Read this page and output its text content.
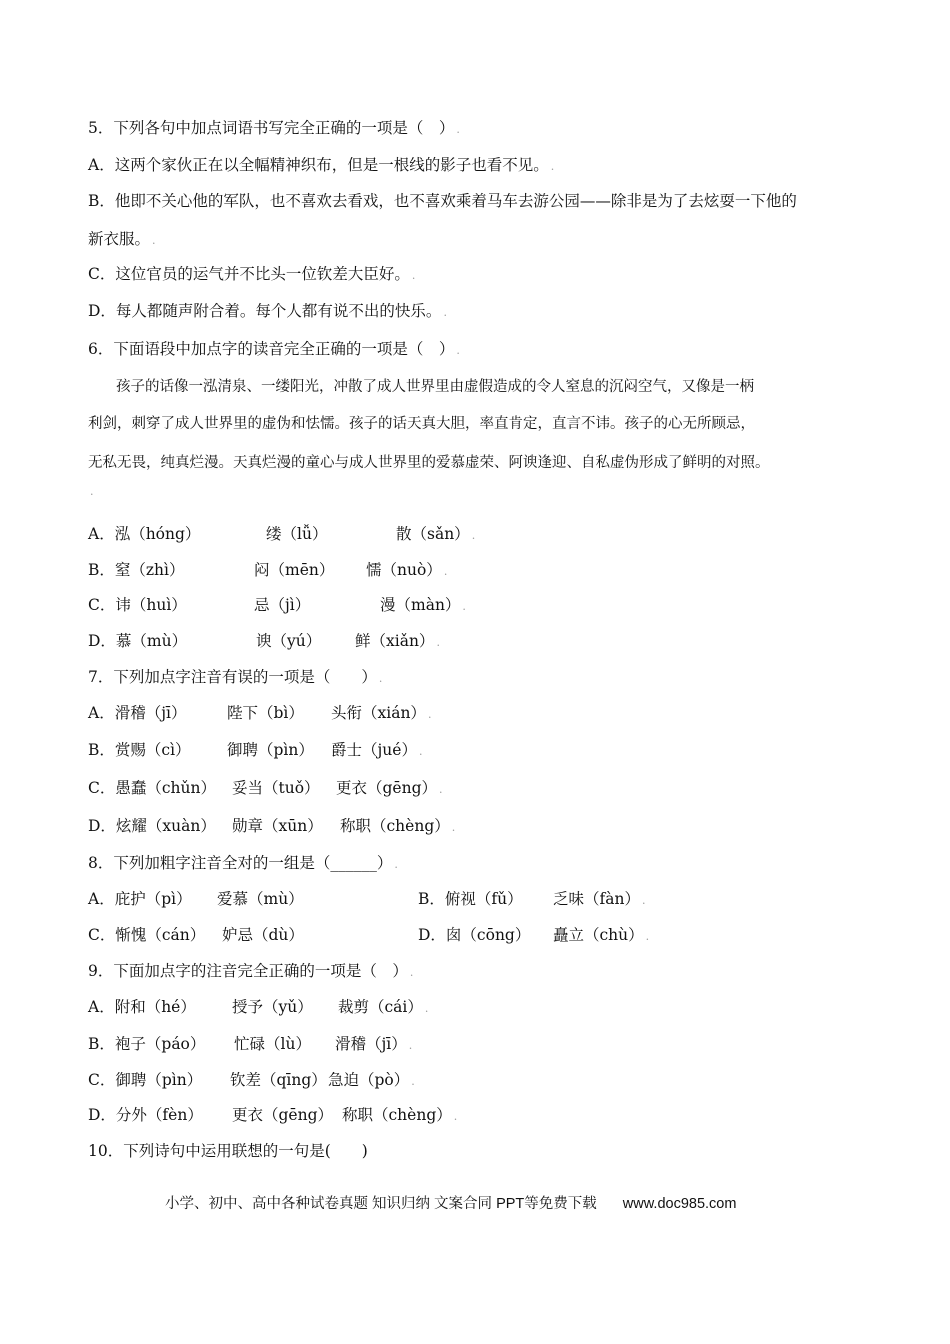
5．下列各句中加点词语书写完全正确的一项是（　） .
A．这两个家伙正在以全幅精神织布，但是一根线的影子也看不见。 .
B．他即不关心他的军队，也不喜欢去看戏，也不喜欢乘着马车去游公园——除非是为了去炫耍一下他的
新衣服。 .
C．这位官员的运气并不比头一位钦差大臣好。 .
D．每人都随声附合着。每个人都有说不出的快乐。 .
6．下面语段中加点字的读音完全正确的一项是（　） .
孩子的话像一泓清泉、一缕阳光，冲散了成人世界里由虚假造成的令人窒息的沉闷空气，又像是一柄
利剑，刺穿了成人世界里的虚伪和怯懦。孩子的话天真大胆，率直肯定，直言不讳。孩子的心无所顾忌，
无私无畏，纯真烂漫。天真烂漫的童心与成人世界里的爱慕虚荣、阿谀逢迎、自私虚伪形成了鲜明的对照。
.
A．泓（hóng）	缕（lǚ）	散（sǎn） .
B．窒（zhì）	闷（mēn） 懦（nuò） .
C．讳（huì）	忌（jì）	漫（màn） .
D．慕（mù）	谀（yú） 鲜（xiǎn） .
7．下列加点字注音有误的一项是（　　） .
A．滑稽（jī）	陛下（bì） 头衔（xián） .
B．赏赐（cì） 御聘（pìn） 爵士（jué） .
C．愚蠢（chǔn） 妥当（tuǒ） 更衣（gēng） .
D．炫耀（xuàn） 勋章（xūn） 称职（chèng） .
8．下列加粗字注音全对的一组是（______） .
A．庇护（pì） 爱慕（mù）	B．俯视（fǔ） 乏味（fàn） .
C．惭愧（cán） 妒忌（dù）	D．囱（cōng） 矗立（chù） .
9．下面加点字的注音完全正确的一项是（　） .
A．附和（hé） 授予（yǔ） 裁剪（cái） .
B．袍子（páo） 忙碌（lù） 滑稽（jī） .
C．御聘（pìn） 钦差（qīng）急迫（pò） .
D．分外（fèn） 更衣（gēng） 称职（chèng） .
10．下列诗句中运用联想的一句是(　　)
小学、初中、高中各种试卷真题 知识归纳 文案合同 PPT等免费下载 www.doc985.com
